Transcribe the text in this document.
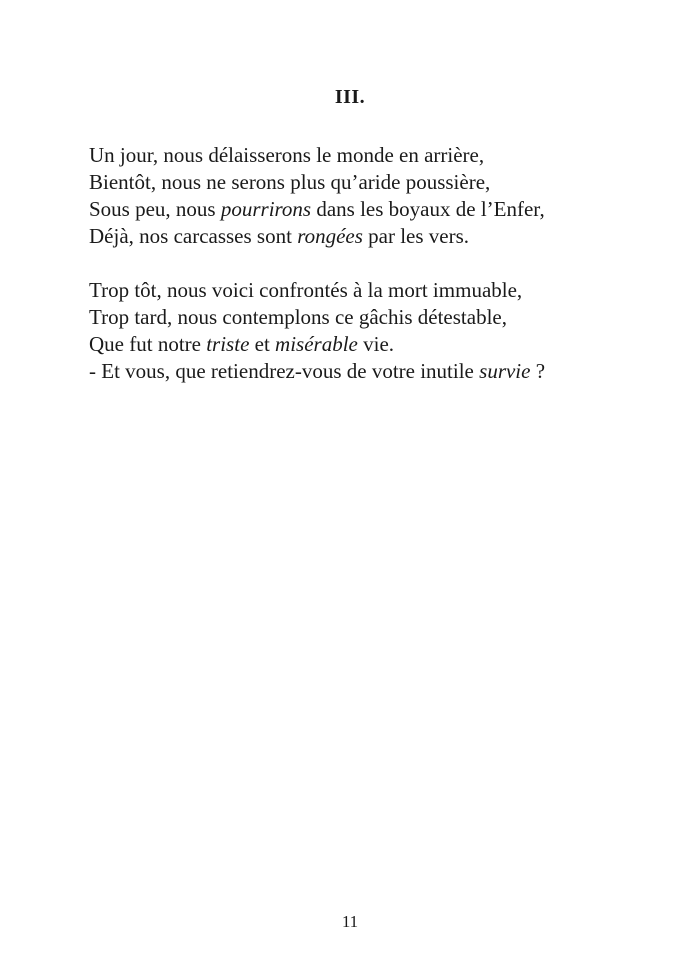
III.
Un jour, nous délaisserons le monde en arrière,
Bientôt, nous ne serons plus qu’aride poussière,
Sous peu, nous pourrirons dans les boyaux de l’Enfer,
Déjà, nos carcasses sont rongées par les vers.
Trop tôt, nous voici confrontés à la mort immuable,
Trop tard, nous contemplons ce gâchis détestable,
Que fut notre triste et misérable vie.
- Et vous, que retiendrez-vous de votre inutile survie ?
11
